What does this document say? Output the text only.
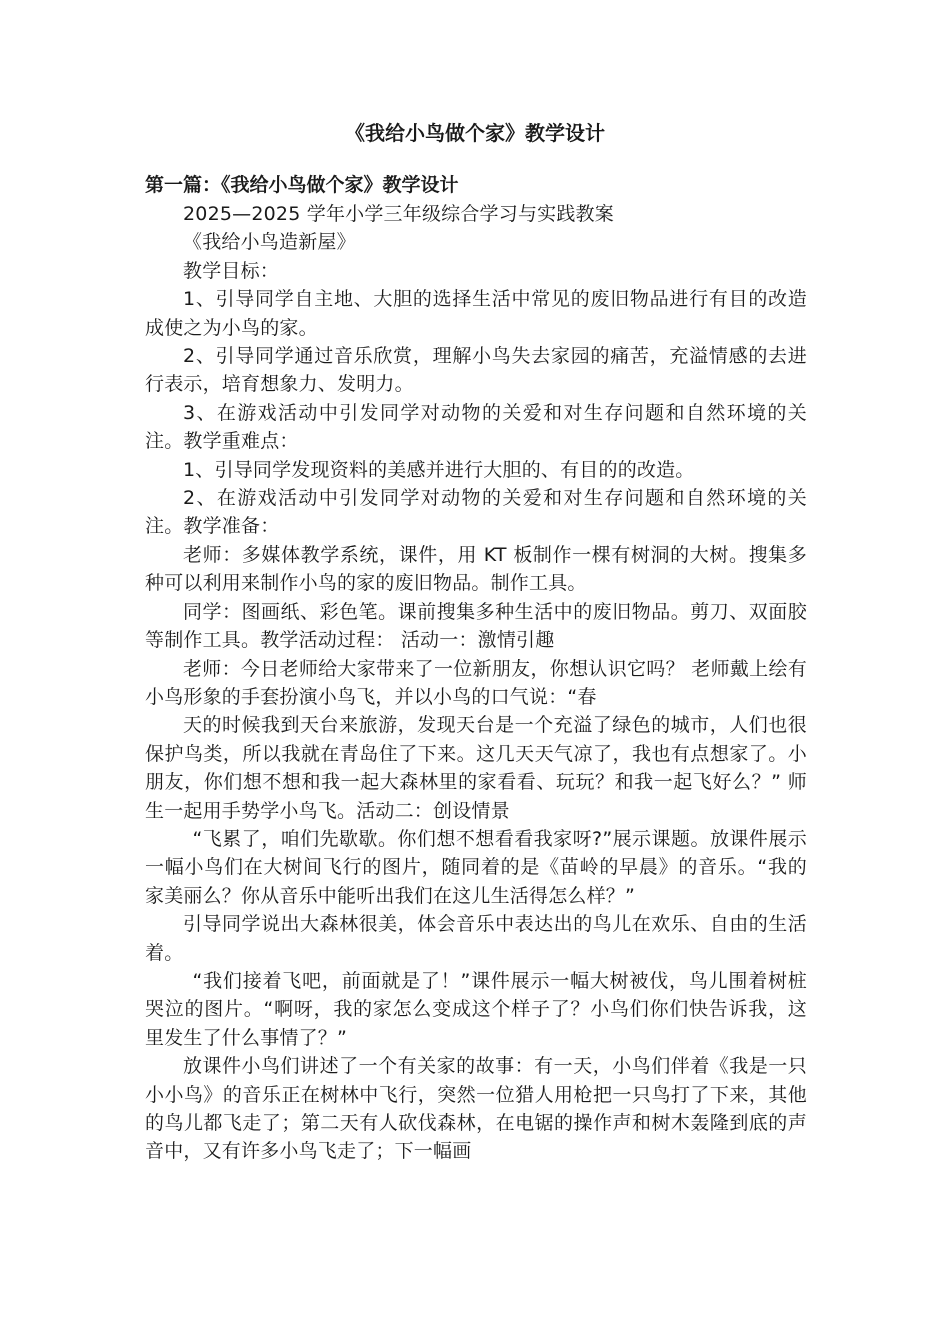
《我给小鸟做个家》教学设计
第一篇：《我给小鸟做个家》教学设计

2025—2025 学年小学三年级综合学习与实践教案

《我给小鸟造新屋》

教学目标：

1、引导同学自主地、大胆的选择生活中常见的废旧物品进行有目的改造成使之为小鸟的家。

2、引导同学通过音乐欣赏，理解小鸟失去家园的痛苦，充溢情感的去进行表示，培育想象力、发明力。

3、在游戏活动中引发同学对动物的关爱和对生存问题和自然环境的关注。教学重难点：

1、引导同学发现资料的美感并进行大胆的、有目的的改造。

2、在游戏活动中引发同学对动物的关爱和对生存问题和自然环境的关注。教学准备：

老师：多媒体教学系统，课件，用 KT 板制作一棵有树洞的大树。搜集多种可以利用来制作小鸟的家的废旧物品。制作工具。

同学：图画纸、彩色笔。课前搜集多种生活中的废旧物品。剪刀、双面胶等制作工具。教学活动过程： 活动一：激情引趣

老师：今日老师给大家带来了一位新朋友，你想认识它吗？ 老师戴上绘有小鸟形象的手套扮演小鸟飞，并以小鸟的口气说：“春

天的时候我到天台来旅游，发现天台是一个充溢了绿色的城市，人们也很保护鸟类，所以我就在青岛住了下来。这几天天气凉了，我也有点想家了。小朋友，你们想不想和我一起大森林里的家看看、玩玩？和我一起飞好么？” 师生一起用手势学小鸟飞。活动二：创设情景

“飞累了，咱们先歇歇。你们想不想看看我家呀?”展示课题。放课件展示一幅小鸟们在大树间飞行的图片，随同着的是《苗岭的早晨》的音乐。“我的家美丽么？你从音乐中能听出我们在这儿生活得怎么样？”

引导同学说出大森林很美，体会音乐中表达出的鸟儿在欢乐、自由的生活着。

“我们接着飞吧，前面就是了！”课件展示一幅大树被伐，鸟儿围着树桩哭泣的图片。“啊呀，我的家怎么变成这个样子了？小鸟们你们快告诉我，这里发生了什么事情了？”

放课件小鸟们讲述了一个有关家的故事：有一天，小鸟们伴着《我是一只小小鸟》的音乐正在树林中飞行，突然一位猎人用枪把一只鸟打了下来，其他的鸟儿都飞走了；第二天有人砍伐森林，在电锯的操作声和树木轰隆到底的声音中，又有许多小鸟飞走了；下一幅画
